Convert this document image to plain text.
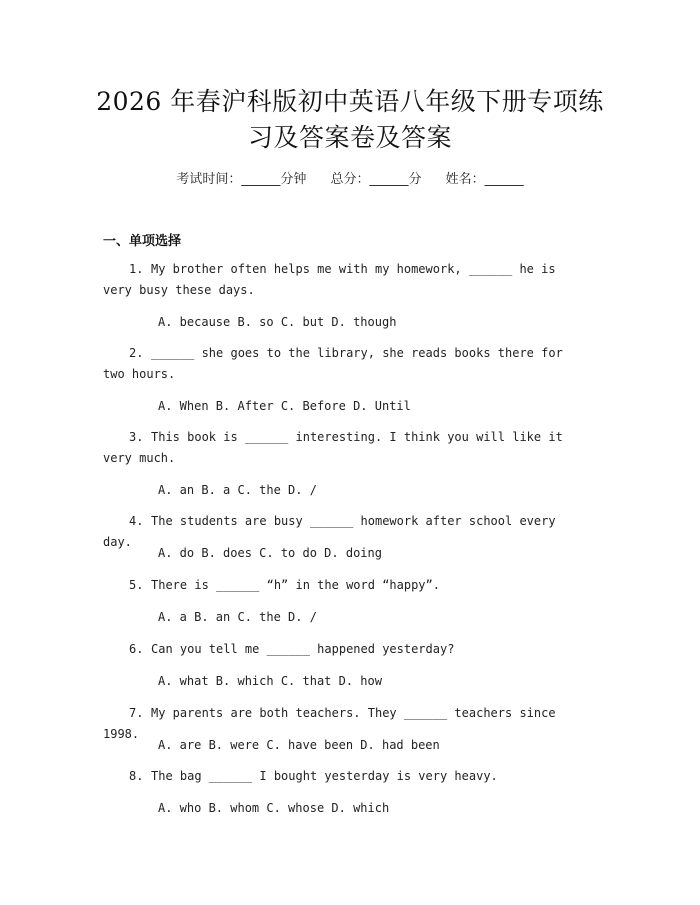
2026 年春沪科版初中英语八年级下册专项练
习及答案卷及答案
考试时间：______分钟 总分：______分 姓名：______
一、单项选择
1. My brother often helps me with my homework, ______ he is very busy these days.
A. because B. so C. but D. though
2. ______ she goes to the library, she reads books there for two hours.
A. When B. After C. Before D. Until
3. This book is ______ interesting. I think you will like it very much.
A. an B. a C. the D. /
4. The students are busy ______ homework after school every day.
A. do B. does C. to do D. doing
5. There is ______ “h” in the word “happy”.
A. a B. an C. the D. /
6. Can you tell me ______ happened yesterday?
A. what B. which C. that D. how
7. My parents are both teachers. They ______ teachers since 1998.
A. are B. were C. have been D. had been
8. The bag ______ I bought yesterday is very heavy.
A. who B. whom C. whose D. which
